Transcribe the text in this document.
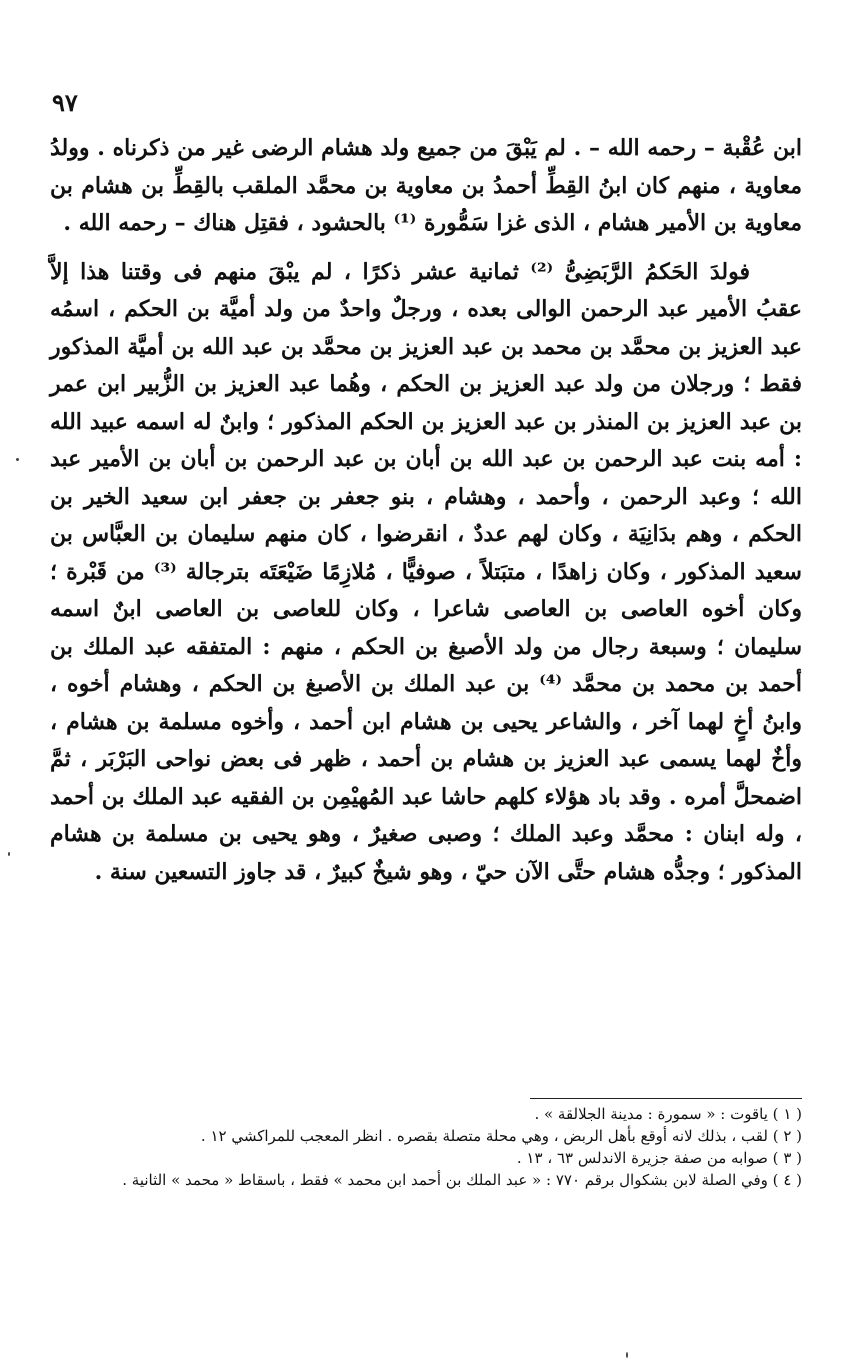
٩٧

ابن عُقْبة – رحمه الله – . لم يَبْقَ من جميع ولد هشام الرضى غير من ذكرناه . وولدُ معاوية ، منهم كان ابنُ القِطِّ أحمدُ بن معاوية بن محمَّد الملقب بالقِطِّ بن هشام بن معاوية بن الأمير هشام ، الذى غزا سَمُّورة ⁽¹⁾ بالحشود ، فقتِل هناك – رحمه الله .

فولدَ الحَكمُ الرَّبَضِىُّ ⁽²⁾ ثمانية عشر ذكرًا ، لم يبْقَ منهم فى وقتنا هذا إلاَّ عقبُ الأمير عبد الرحمن الوالى بعده ، ورجلٌ واحدٌ من ولد أميَّة بن الحكم ، اسمُه عبد العزيز بن محمَّد بن محمد بن عبد العزيز بن محمَّد بن عبد الله بن أميَّة المذكور فقط ؛ ورجلان من ولد عبد العزيز بن الحكم ، وهُما عبد العزيز بن الزُّبير ابن عمر بن عبد العزيز بن المنذر بن عبد العزيز بن الحكم المذكور ؛ وابنٌ له اسمه عبيد الله : أمه بنت عبد الرحمن بن عبد الله بن أبان بن عبد الرحمن بن أبان بن الأمير عبد الله ؛ وعبد الرحمن ، وأحمد ، وهشام ، بنو جعفر بن جعفر ابن سعيد الخير بن الحكم ، وهم بدَانِيَة ، وكان لهم عددٌ ، انقرضوا ، كان منهم سليمان بن العبَّاس بن سعيد المذكور ، وكان زاهدًا ، متبَتلاً ، صوفيًّا ، مُلازِمًا ضَيْعَتَه بترجالة ⁽³⁾ من قَبْرة ؛ وكان أخوه العاصى بن العاصى شاعرا ، وكان للعاصى بن العاصى ابنٌ اسمه سليمان ؛ وسبعة رجال من ولد الأصبغ بن الحكم ، منهم : المتفقه عبد الملك بن أحمد بن محمد بن محمَّد ⁽⁴⁾ بن عبد الملك بن الأصبغ بن الحكم ، وهشام أخوه ، وابنُ أخٍ لهما آخر ، والشاعر يحيى بن هشام ابن أحمد ، وأخوه مسلمة بن هشام ، وأخٌ لهما يسمى عبد العزيز بن هشام بن أحمد ، ظهر فى بعض نواحى البَرْبَر ، ثمَّ اضمحلَّ أمره . وقد باد هؤلاء كلهم حاشا عبد المُهيْمِن بن الفقيه عبد الملك بن أحمد ، وله ابنان : محمَّد وعبد الملك ؛ وصبى صغيرٌ ، وهو يحيى بن مسلمة بن هشام المذكور ؛ وجدُّه هشام حتَّى الآن حيّ ، وهو شيخٌ كبيرٌ ، قد جاوز التسعين سنة .

( ١ ) ياقوت : « سمورة : مدينة الجلالقة » .

( ٢ ) لقب ، بذلك لانه أوقع بأهل الربض ، وهي محلة متصلة بقصره . انظر المعجب للمراكشي ١٢ .

( ٣ ) صوابه من صفة جزيرة الاندلس ٦٣ ، ١٣ .

( ٤ ) وفي الصلة لابن بشكوال برقم ٧٧٠ : « عبد الملك بن أحمد ابن محمد » فقط ، باسقاط « محمد » الثانية .
